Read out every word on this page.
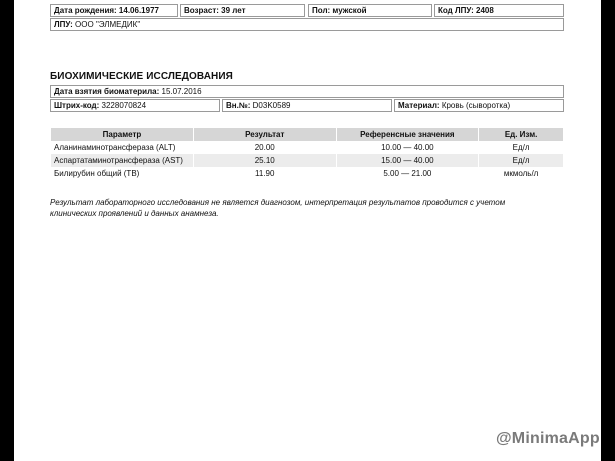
Дата рождения: 14.06.1977	Возраст: 39 лет	Пол: мужской	Код ЛПУ: 2408
ЛПУ: ООО "ЭЛМЕДИК"
БИОХИМИЧЕСКИЕ ИССЛЕДОВАНИЯ
Дата взятия биоматерила: 15.07.2016
Штрих-код: 3228070824	Вн.№: D03K0589	Материал: Кровь (сыворотка)
Параметр	Результат	Референсные значения	Ед. Изм.
Аланинаминотрансфераза (ALT)	20.00	10.00 — 40.00	Ед/л
Аспартатаминотрансфераза (AST)	25.10	15.00 — 40.00	Ед/л
Билирубин общий (ТВ)	11.90	5.00 — 21.00	мкмоль/л
Результат лабораторного исследования не является диагнозом, интерпретация результатов проводится с учетом клинических проявлений и данных анамнеза.
@MinimaApp
